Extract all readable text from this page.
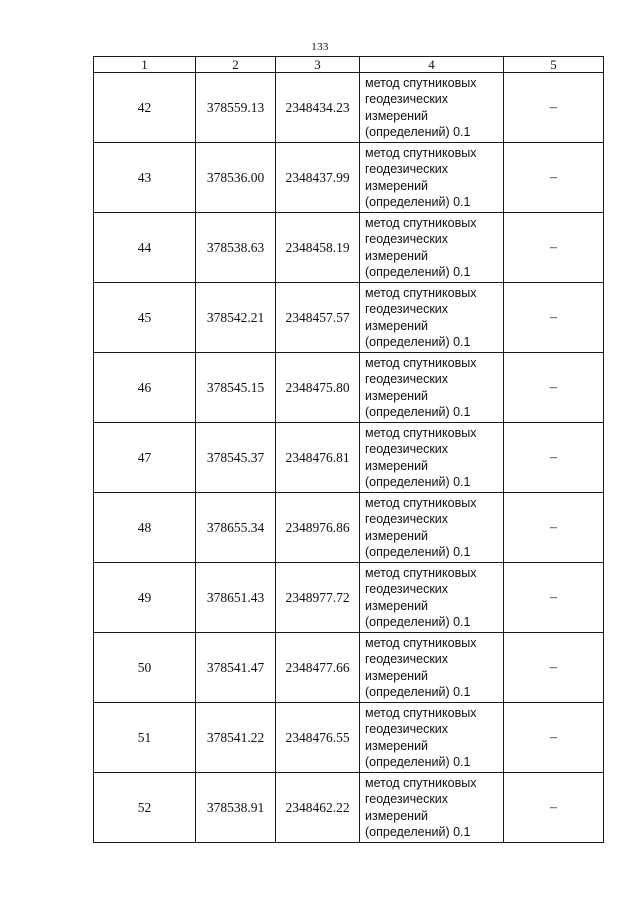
133
1	2	3	4	5
42	378559.13	2348434.23	метод спутниковых геодезических измерений (определений) 0.1	–
43	378536.00	2348437.99	метод спутниковых геодезических измерений (определений) 0.1	–
44	378538.63	2348458.19	метод спутниковых геодезических измерений (определений) 0.1	–
45	378542.21	2348457.57	метод спутниковых геодезических измерений (определений) 0.1	–
46	378545.15	2348475.80	метод спутниковых геодезических измерений (определений) 0.1	–
47	378545.37	2348476.81	метод спутниковых геодезических измерений (определений) 0.1	–
48	378655.34	2348976.86	метод спутниковых геодезических измерений (определений) 0.1	–
49	378651.43	2348977.72	метод спутниковых геодезических измерений (определений) 0.1	–
50	378541.47	2348477.66	метод спутниковых геодезических измерений (определений) 0.1	–
51	378541.22	2348476.55	метод спутниковых геодезических измерений (определений) 0.1	–
52	378538.91	2348462.22	метод спутниковых геодезических измерений (определений) 0.1	–
